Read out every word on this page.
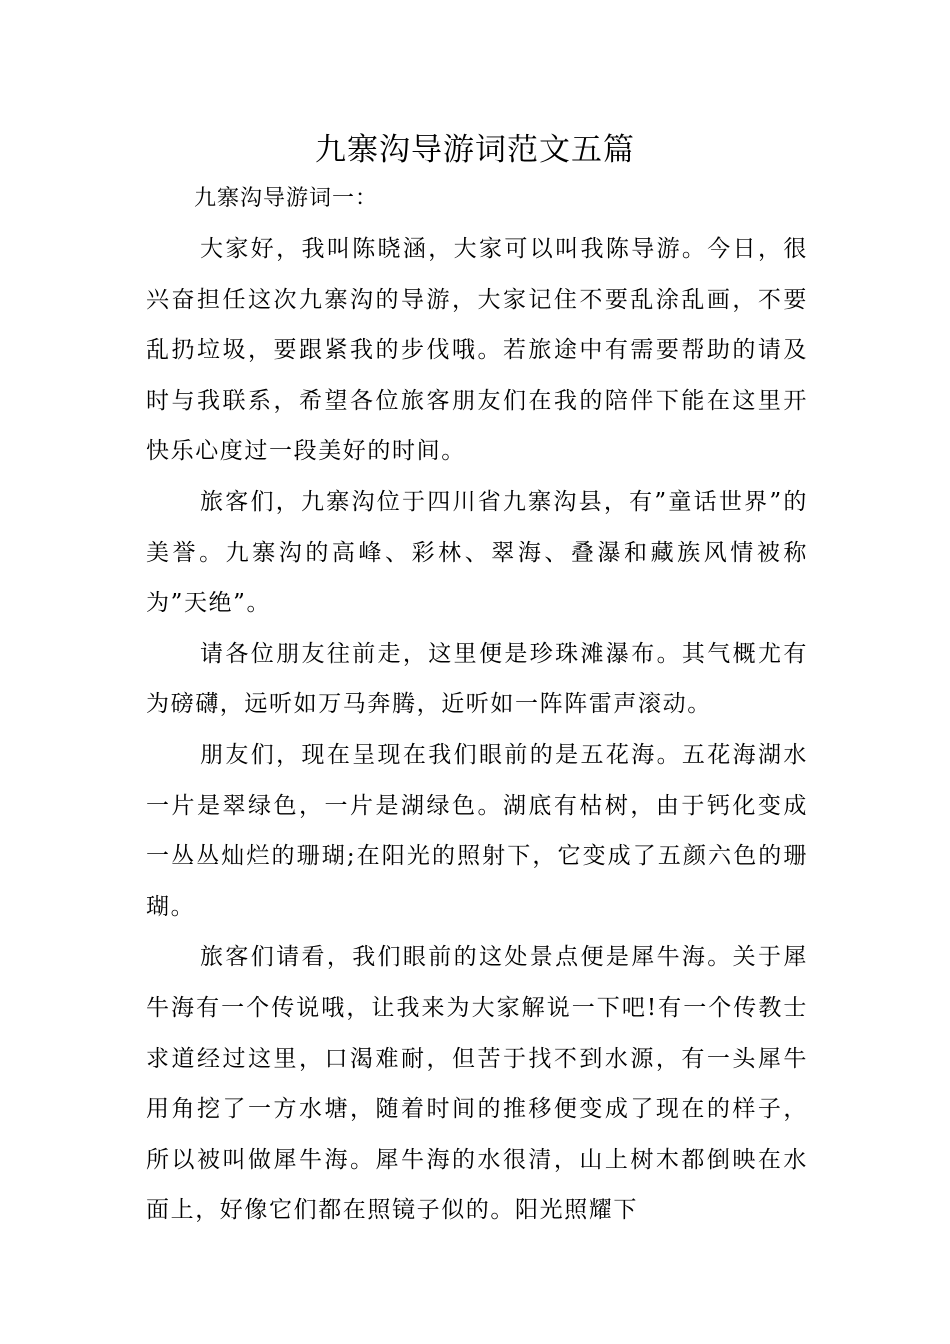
九寨沟导游词范文五篇

九寨沟导游词一：

大家好，我叫陈晓涵，大家可以叫我陈导游。今日，很兴奋担任这次九寨沟的导游，大家记住不要乱涂乱画，不要乱扔垃圾，要跟紧我的步伐哦。若旅途中有需要帮助的请及时与我联系，希望各位旅客朋友们在我的陪伴下能在这里开快乐心度过一段美好的时间。

旅客们，九寨沟位于四川省九寨沟县，有”童话世界”的美誉。九寨沟的高峰、彩林、翠海、叠瀑和藏族风情被称为”天绝”。

请各位朋友往前走，这里便是珍珠滩瀑布。其气概尤有为磅礴，远听如万马奔腾，近听如一阵阵雷声滚动。

朋友们，现在呈现在我们眼前的是五花海。五花海湖水一片是翠绿色，一片是湖绿色。湖底有枯树，由于钙化变成一丛丛灿烂的珊瑚;在阳光的照射下，它变成了五颜六色的珊瑚。

旅客们请看，我们眼前的这处景点便是犀牛海。关于犀牛海有一个传说哦，让我来为大家解说一下吧!有一个传教士求道经过这里，口渴难耐，但苦于找不到水源，有一头犀牛用角挖了一方水塘，随着时间的推移便变成了现在的样子，所以被叫做犀牛海。犀牛海的水很清，山上树木都倒映在水面上，好像它们都在照镜子似的。阳光照耀下
